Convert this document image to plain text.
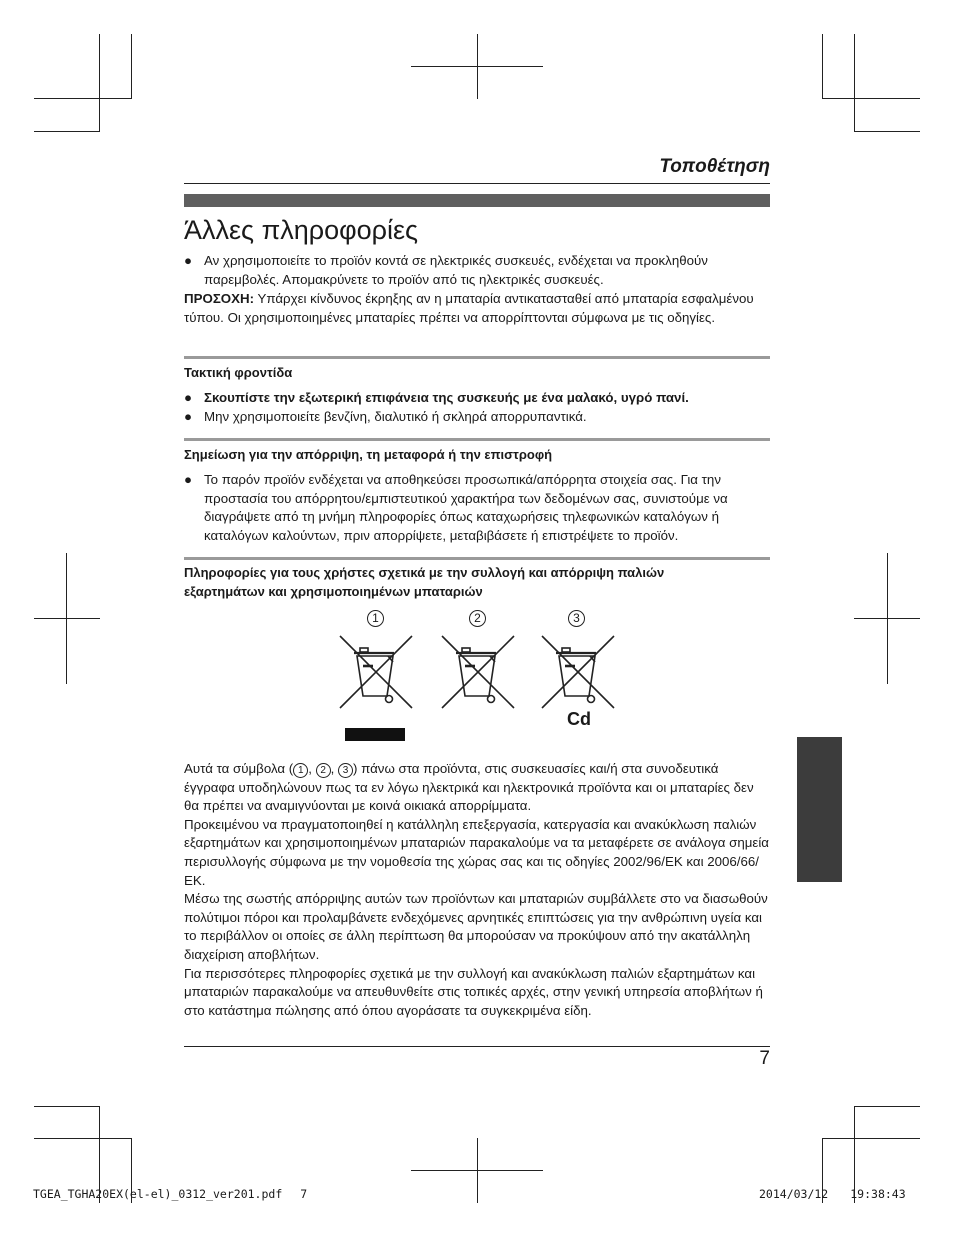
Τοποθέτηση
Άλλες πληροφορίες
● Αν χρησιμοποιείτε το προϊόν κοντά σε ηλεκτρικές συσκευές, ενδέχεται να προκληθούν παρεμβολές. Απομακρύνετε το προϊόν από τις ηλεκτρικές συσκευές.
ΠΡΟΣΟΧΗ: Υπάρχει κίνδυνος έκρηξης αν η μπαταρία αντικατασταθεί από μπαταρία εσφαλμένου τύπου. Οι χρησιμοποιημένες μπαταρίες πρέπει να απορρίπτονται σύμφωνα με τις οδηγίες.
Τακτική φροντίδα
● Σκουπίστε την εξωτερική επιφάνεια της συσκευής με ένα μαλακό, υγρό πανί.
● Μην χρησιμοποιείτε βενζίνη, διαλυτικό ή σκληρά απορρυπαντικά.
Σημείωση για την απόρριψη, τη μεταφορά ή την επιστροφή
● Το παρόν προϊόν ενδέχεται να αποθηκεύσει προσωπικά/απόρρητα στοιχεία σας. Για την προστασία του απόρρητου/εμπιστευτικού χαρακτήρα των δεδομένων σας, συνιστούμε να διαγράψετε από τη μνήμη πληροφορίες όπως καταχωρήσεις τηλεφωνικών καταλόγων ή καταλόγων καλούντων, πριν απορρίψετε, μεταβιβάσετε ή επιστρέψετε το προϊόν.
Πληροφορίες για τους χρήστες σχετικά με την συλλογή και απόρριψη παλιών εξαρτημάτων και χρησιμοποιημένων μπαταριών
1	2	3
Cd
Αυτά τα σύμβολα ( 1 , 2 , 3 ) πάνω στα προϊόντα, στις συσκευασίες και/ή στα συνοδευτικά έγγραφα υποδηλώνουν πως τα εν λόγω ηλεκτρικά και ηλεκτρονικά προϊόντα και οι μπαταρίες δεν θα πρέπει να αναμιγνύονται με κοινά οικιακά απορρίμματα.
Προκειμένου να πραγματοποιηθεί η κατάλληλη επεξεργασία, κατεργασία και ανακύκλωση παλιών εξαρτημάτων και χρησιμοποιημένων μπαταριών παρακαλούμε να τα μεταφέρετε σε ανάλογα σημεία περισυλλογής σύμφωνα με την νομοθεσία της χώρας σας και τις οδηγίες 2002/96/ΕΚ και 2006/66/ΕΚ.
Μέσω της σωστής απόρριψης αυτών των προϊόντων και μπαταριών συμβάλλετε στο να διασωθούν πολύτιμοι πόροι και προλαμβάνετε ενδεχόμενες αρνητικές επιπτώσεις για την ανθρώπινη υγεία και το περιβάλλον οι οποίες σε άλλη περίπτωση θα μπορούσαν να προκύψουν από την ακατάλληλη διαχείριση αποβλήτων.
Για περισσότερες πληροφορίες σχετικά με την συλλογή και ανακύκλωση παλιών εξαρτημάτων και μπαταριών παρακαλούμε να απευθυνθείτε στις τοπικές αρχές, στην γενική υπηρεσία αποβλήτων ή στο κατάστημα πώλησης από όπου αγοράσατε τα συγκεκριμένα είδη.
7
TGEA_TGHA20EX(el-el)_0312_ver201.pdf 7	2014/03/12 19:38:43
